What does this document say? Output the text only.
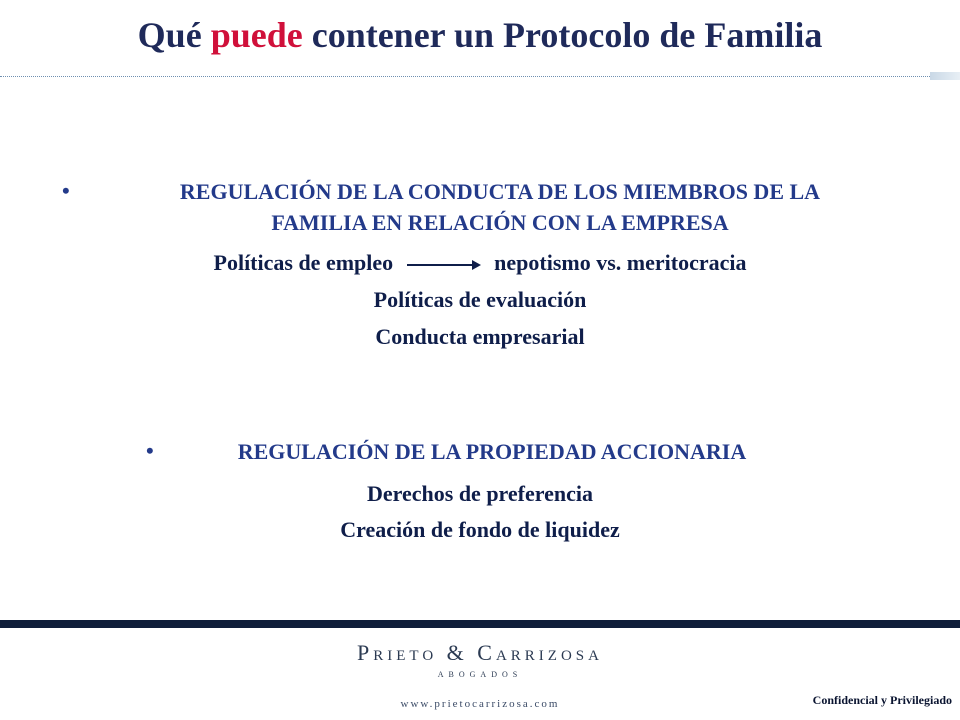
Qué puede contener un Protocolo de Familia
•	REGULACIÓN DE LA CONDUCTA DE LOS MIEMBROS DE LA
FAMILIA EN RELACIÓN CON LA EMPRESA
Políticas de empleo	nepotismo vs. meritocracia
Políticas de evaluación
Conducta empresarial
•	REGULACIÓN DE LA PROPIEDAD ACCIONARIA
Derechos de preferencia
Creación de fondo de liquidez
Prieto & Carrizosa
ABOGADOS
www.prietocarrizosa.com	Confidencial y Privilegiado
